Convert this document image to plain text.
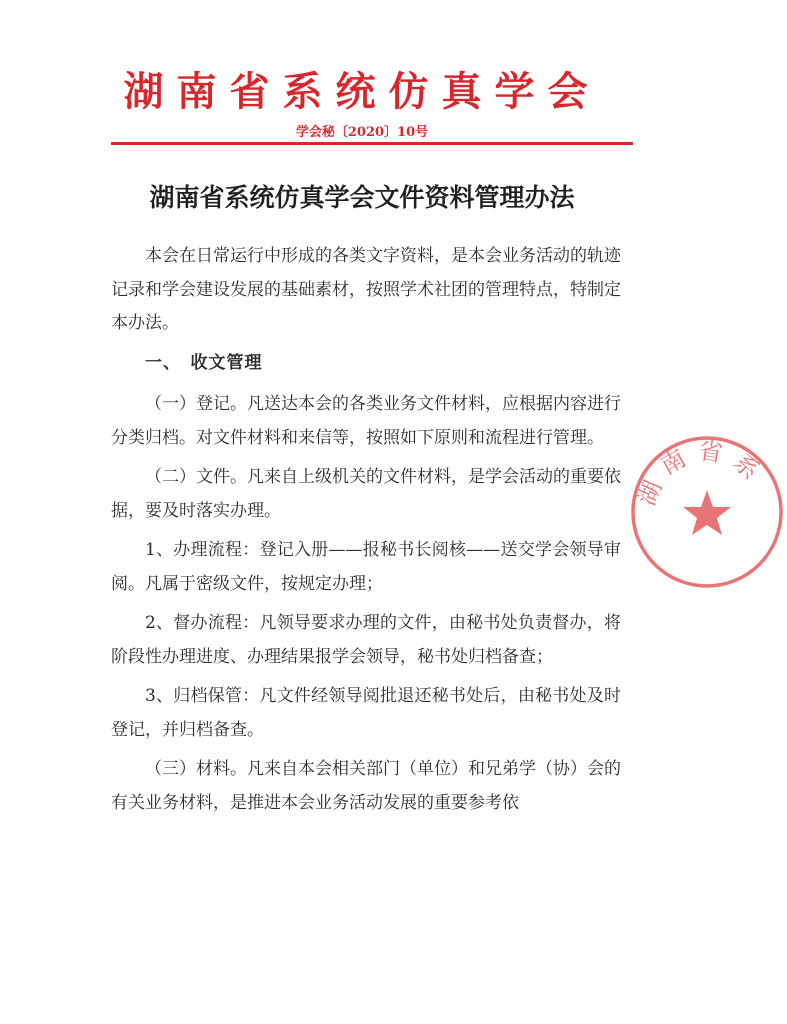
湖南省系统仿真学会

学会秘〔2020〕10号

湖南省系统仿真学会文件资料管理办法

本会在日常运行中形成的各类文字资料，是本会业务活动的轨迹记录和学会建设发展的基础素材，按照学术社团的管理特点，特制定本办法。

一、　收文管理

（一）登记。凡送达本会的各类业务文件材料，应根据内容进行分类归档。对文件材料和来信等，按照如下原则和流程进行管理。

（二）文件。凡来自上级机关的文件材料，是学会活动的重要依据，要及时落实办理。

1、办理流程：登记入册——报秘书长阅核——送交学会领导审阅。凡属于密级文件，按规定办理；

2、督办流程：凡领导要求办理的文件，由秘书处负责督办，将阶段性办理进度、办理结果报学会领导，秘书处归档备查；

3、归档保管：凡文件经领导阅批退还秘书处后，由秘书处及时登记，并归档备查。

（三）材料。凡来自本会相关部门（单位）和兄弟学（协）会的有关业务材料，是推进本会业务活动发展的重要参考依

湖南省系
